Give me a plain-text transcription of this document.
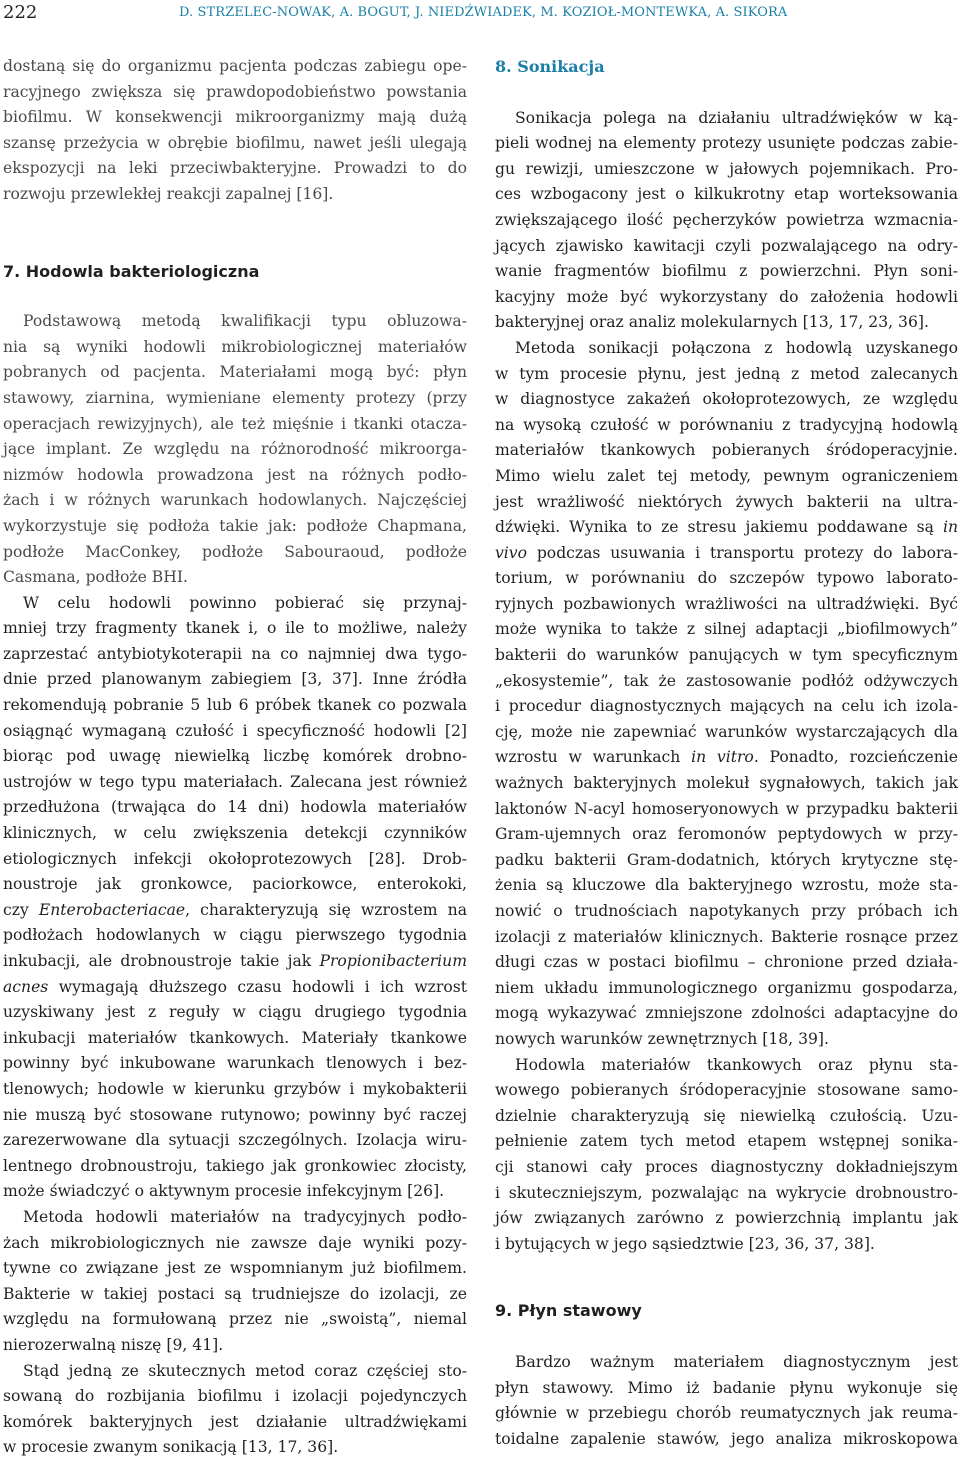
222	D. STRZELEC-NOWAK, A. BOGUT, J. NIEDŹWIADEK, M. KOZIOŁ-MONTEWKA, A. SIKORA

dostaną się do organizmu pacjenta podczas zabiegu ope-
racyjnego zwiększa się prawdopodobieństwo powstania
biofilmu. W konsekwencji mikroorganizmy mają dużą
szansę przeżycia w obrębie biofilmu, nawet jeśli ulegają
ekspozycji na leki przeciwbakteryjne. Prowadzi to do
rozwoju przewlekłej reakcji zapalnej [16].

7. Hodowla bakteriologiczna

Podstawową metodą kwalifikacji typu obluzowa-
nia są wyniki hodowli mikrobiologicznej materiałów
pobranych od pacjenta. Materiałami mogą być: płyn
stawowy, ziarnina, wymieniane elementy protezy (przy
operacjach rewizyjnych), ale też mięśnie i tkanki otacza-
jące implant. Ze względu na różnorodność mikroorga-
nizmów hodowla prowadzona jest na różnych podło-
żach i w różnych warunkach hodowlanych. Najczęściej
wykorzystuje się podłoża takie jak: podłoże Chapmana,
podłoże MacConkey, podłoże Sabouraoud, podłoże
Casmana, podłoże BHI.

W celu hodowli powinno pobierać się przynaj-
mniej trzy fragmenty tkanek i, o ile to możliwe, należy
zaprzestać antybiotykoterapii na co najmniej dwa tygo-
dnie przed planowanym zabiegiem [3, 37]. Inne źródła
rekomendują pobranie 5 lub 6 próbek tkanek co pozwala
osiągnąć wymaganą czułość i specyficzność hodowli [2]
biorąc pod uwagę niewielką liczbę komórek drobno-
ustrojów w tego typu materiałach. Zalecana jest również
przedłużona (trwająca do 14 dni) hodowla materiałów
klinicznych, w celu zwiększenia detekcji czynników
etiologicznych infekcji okołoprotezowych [28]. Drob-
noustroje jak gronkowce, paciorkowce, enterokoki,
czy Enterobacteriacae, charakteryzują się wzrostem na
podłożach hodowlanych w ciągu pierwszego tygodnia
inkubacji, ale drobnoustroje takie jak Propionibacterium
acnes wymagają dłuższego czasu hodowli i ich wzrost
uzyskiwany jest z reguły w ciągu drugiego tygodnia
inkubacji materiałów tkankowych. Materiały tkankowe
powinny być inkubowane warunkach tlenowych i bez-
tlenowych; hodowle w kierunku grzybów i mykobakterii
nie muszą być stosowane rutynowo; powinny być raczej
zarezerwowane dla sytuacji szczególnych. Izolacja wiru-
lentnego drobnoustroju, takiego jak gronkowiec złocisty,
może świadczyć o aktywnym procesie infekcyjnym [26].

Metoda hodowli materiałów na tradycyjnych podło-
żach mikrobiologicznych nie zawsze daje wyniki pozy-
tywne co związane jest ze wspomnianym już biofilmem.
Bakterie w takiej postaci są trudniejsze do izolacji, ze
względu na formułowaną przez nie „swoistą”, niemal
nierozerwalną niszę [9, 41].

Stąd jedną ze skutecznych metod coraz częściej sto-
sowaną do rozbijania biofilmu i izolacji pojedynczych
komórek bakteryjnych jest działanie ultradźwiękami
w procesie zwanym sonikacją [13, 17, 36].

8. Sonikacja

Sonikacja polega na działaniu ultradźwięków w ką-
pieli wodnej na elementy protezy usunięte podczas zabie-
gu rewizji, umieszczone w jałowych pojemnikach. Pro-
ces wzbogacony jest o kilkukrotny etap worteksowania
zwiększającego ilość pęcherzyków powietrza wzmacnia-
jących zjawisko kawitacji czyli pozwalającego na odry-
wanie fragmentów biofilmu z powierzchni. Płyn soni-
kacyjny może być wykorzystany do założenia hodowli
bakteryjnej oraz analiz molekularnych [13, 17, 23, 36].

Metoda sonikacji połączona z hodowlą uzyskanego
w tym procesie płynu, jest jedną z metod zalecanych
w diagnostyce zakażeń okołoprotezowych, ze względu
na wysoką czułość w porównaniu z tradycyjną hodowlą
materiałów tkankowych pobieranych śródoperacyjnie.
Mimo wielu zalet tej metody, pewnym ograniczeniem
jest wrażliwość niektórych żywych bakterii na ultra-
dźwięki. Wynika to ze stresu jakiemu poddawane są in
vivo podczas usuwania i transportu protezy do labora-
torium, w porównaniu do szczepów typowo laborato-
ryjnych pozbawionych wrażliwości na ultradźwięki. Być
może wynika to także z silnej adaptacji „biofilmowych”
bakterii do warunków panujących w tym specyficznym
„ekosystemie”, tak że zastosowanie podłóż odżywczych
i procedur diagnostycznych mających na celu ich izola-
cję, może nie zapewniać warunków wystarczających dla
wzrostu w warunkach in vitro. Ponadto, rozcieńczenie
ważnych bakteryjnych molekuł sygnałowych, takich jak
laktonów N-acyl homoseryonowych w przypadku bakterii
Gram-ujemnych oraz feromonów peptydowych w przy-
padku bakterii Gram-dodatnich, których krytyczne stę-
żenia są kluczowe dla bakteryjnego wzrostu, może sta-
nowić o trudnościach napotykanych przy próbach ich
izolacji z materiałów klinicznych. Bakterie rosnące przez
długi czas w postaci biofilmu – chronione przed działa-
niem układu immunologicznego organizmu gospodarza,
mogą wykazywać zmniejszone zdolności adaptacyjne do
nowych warunków zewnętrznych [18, 39].

Hodowla materiałów tkankowych oraz płynu sta-
wowego pobieranych śródoperacyjnie stosowane samo-
dzielnie charakteryzują się niewielką czułością. Uzu-
pełnienie zatem tych metod etapem wstępnej sonika-
cji stanowi cały proces diagnostyczny dokładniejszym
i skuteczniejszym, pozwalając na wykrycie drobnoustro-
jów związanych zarówno z powierzchnią implantu jak
i bytujących w jego sąsiedztwie [23, 36, 37, 38].

9. Płyn stawowy

Bardzo ważnym materiałem diagnostycznym jest
płyn stawowy. Mimo iż badanie płynu wykonuje się
głównie w przebiegu chorób reumatycznych jak reuma-
toidalne zapalenie stawów, jego analiza mikroskopowa
